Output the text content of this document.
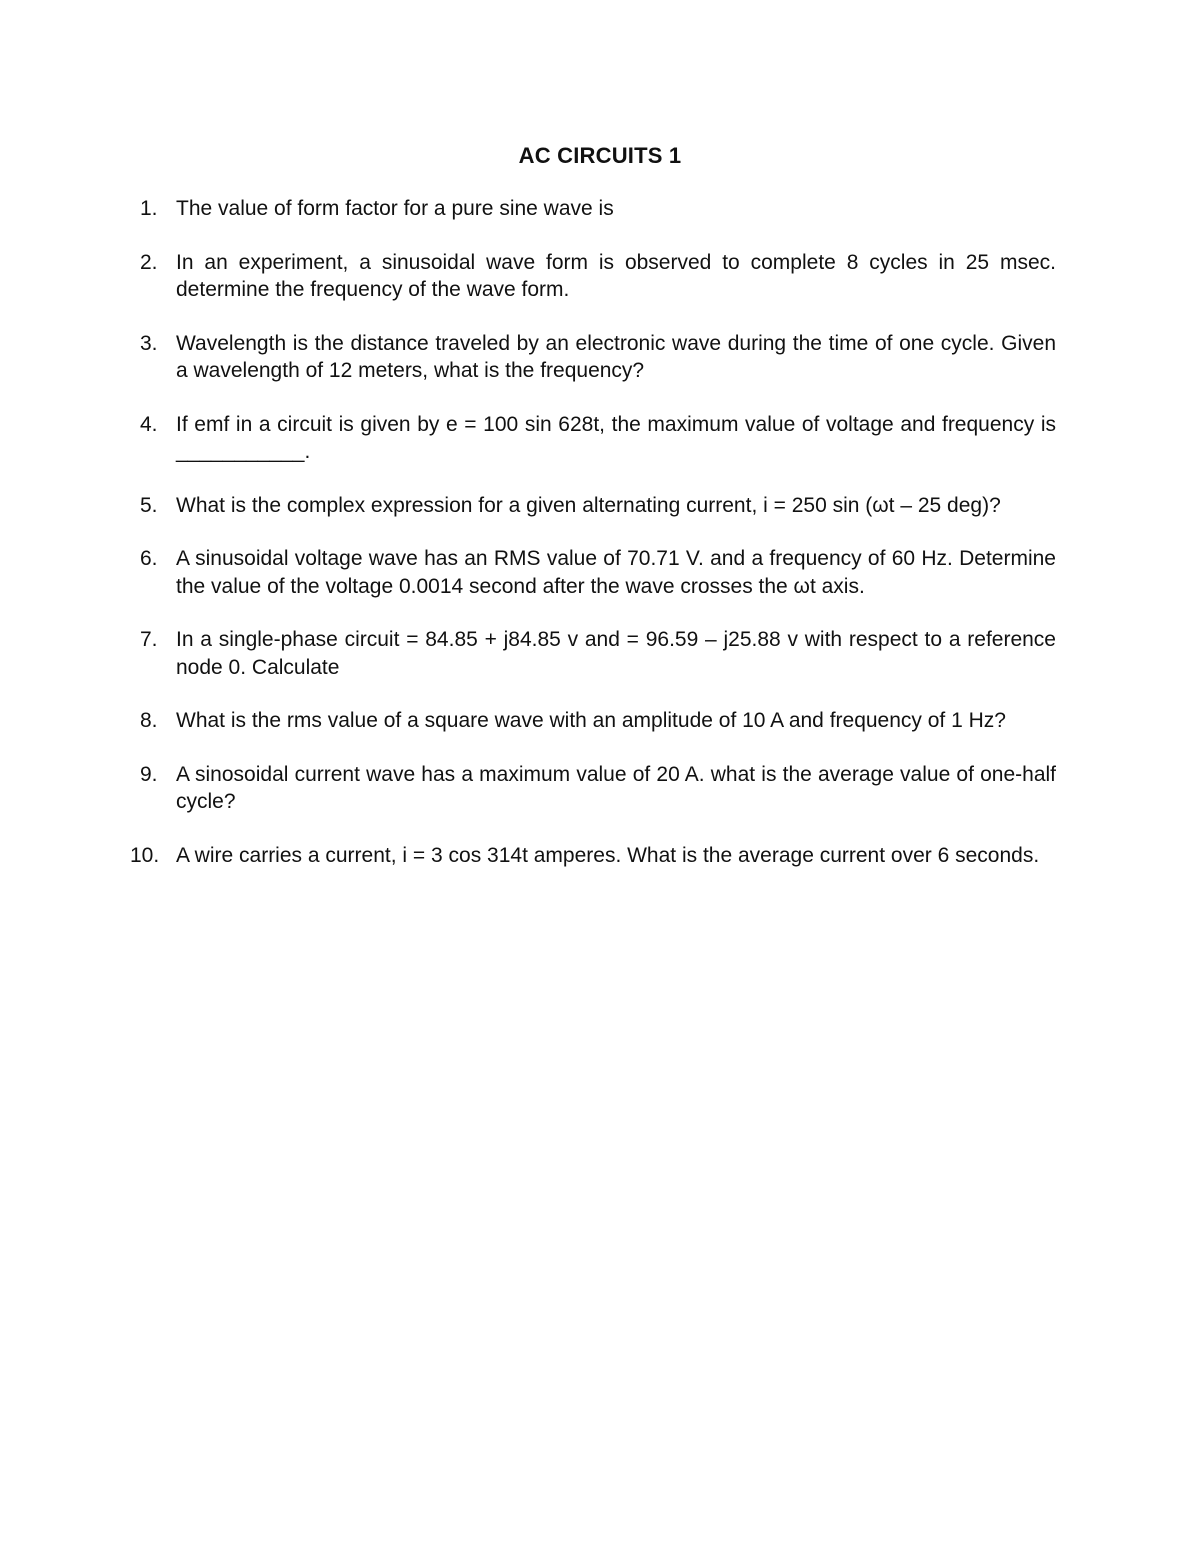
AC CIRCUITS 1
1. The value of form factor for a pure sine wave is
2. In an experiment, a sinusoidal wave form is observed to complete 8 cycles in 25 msec. determine the frequency of the wave form.
3. Wavelength is the distance traveled by an electronic wave during the time of one cycle. Given a wavelength of 12 meters, what is the frequency?
4. If emf in a circuit is given by e = 100 sin 628t, the maximum value of voltage and frequency is ___________.
5. What is the complex expression for a given alternating current, i = 250 sin (ωt – 25 deg)?
6. A sinusoidal voltage wave has an RMS value of 70.71 V. and a frequency of 60 Hz. Determine the value of the voltage 0.0014 second after the wave crosses the ωt axis.
7. In a single-phase circuit = 84.85 + j84.85 v and = 96.59 – j25.88 v with respect to a reference node 0. Calculate
8. What is the rms value of a square wave with an amplitude of 10 A and frequency of 1 Hz?
9. A sinosoidal current wave has a maximum value of 20 A. what is the average value of one-half cycle?
10. A wire carries a current, i = 3 cos 314t amperes. What is the average current over 6 seconds.
